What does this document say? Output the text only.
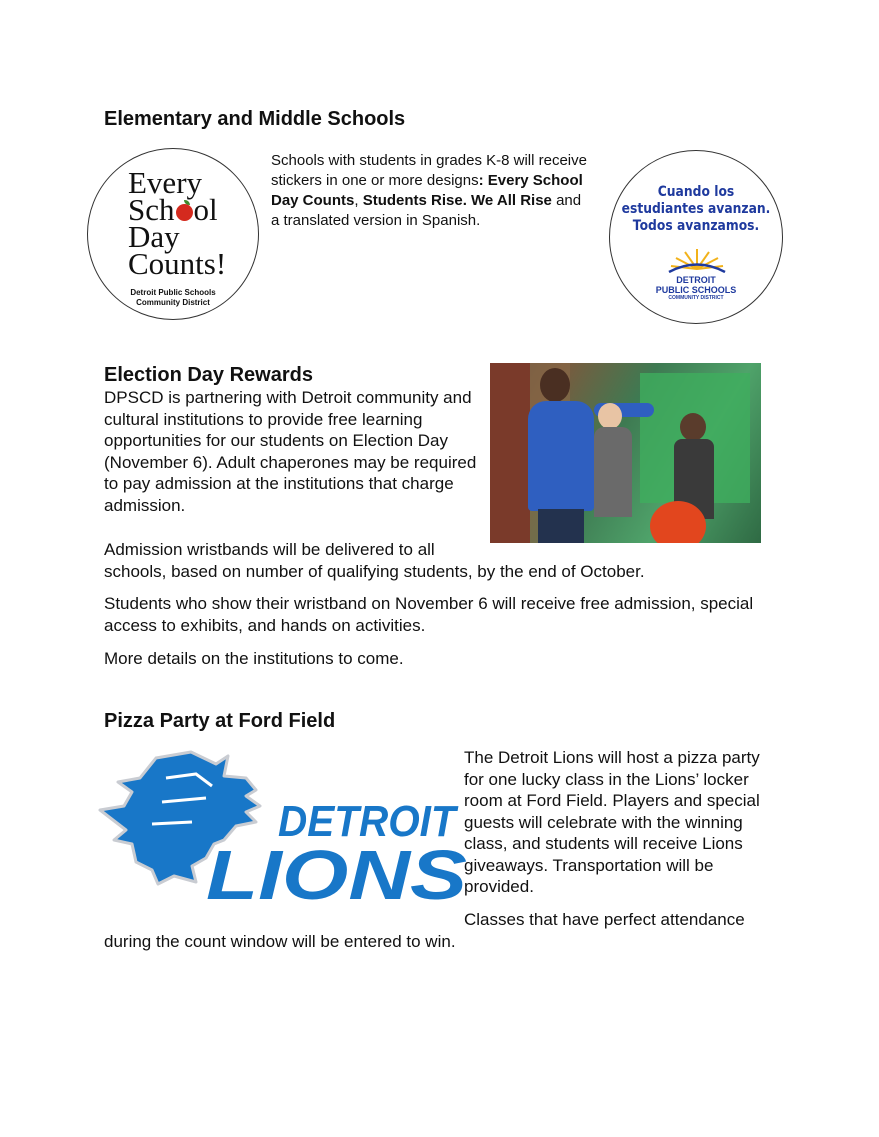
Elementary and Middle Schools
Every
Sch ol
Day
Counts!
Detroit Public Schools
Community District
Schools with students in grades K-8 will receive stickers in one or more designs: Every School Day Counts, Students Rise. We All Rise and a translated version in Spanish.
Cuando los
estudiantes avanzan.
Todos avanzamos.
DETROIT
PUBLIC SCHOOLS
COMMUNITY DISTRICT
Election Day Rewards
DPSCD is partnering with Detroit community and cultural institutions to provide free learning opportunities for our students on Election Day (November 6). Adult chaperones may be required to pay admission at the institutions that charge admission.
Admission wristbands will be delivered to all
schools, based on number of qualifying students, by the end of October.
Students who show their wristband on November 6 will receive free admission, special access to exhibits, and hands on activities.
More details on the institutions to come.
Pizza Party at Ford Field
DETROIT
LIONS
The Detroit Lions will host a pizza party for one lucky class in the Lions’ locker room at Ford Field. Players and special guests will celebrate with the winning class, and students will receive Lions giveaways. Transportation will be provided.
Classes that have perfect attendance
during the count window will be entered to win.
